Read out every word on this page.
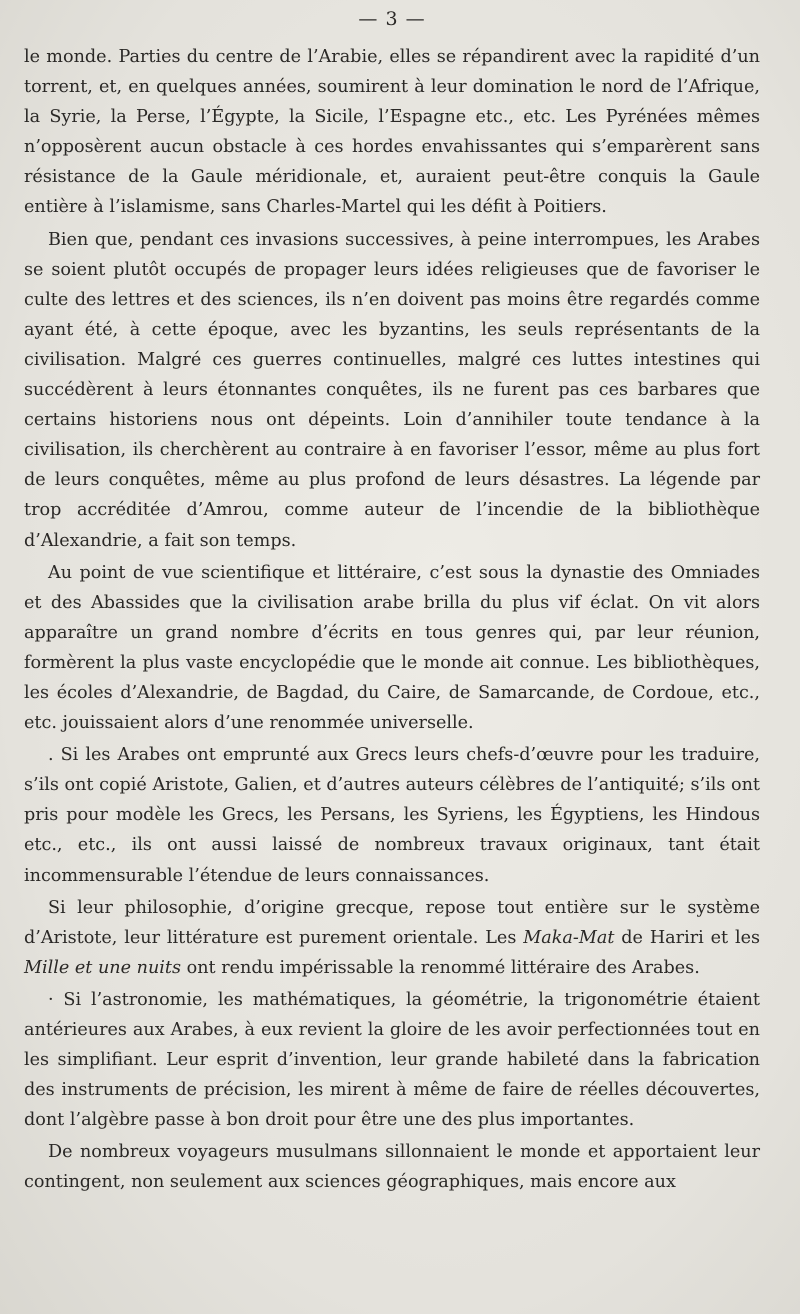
— 3 —

le monde. Parties du centre de l’Arabie, elles se répandirent avec la rapidité d’un torrent, et, en quelques années, soumirent à leur domination le nord de l’Afrique, la Syrie, la Perse, l’Égypte, la Sicile, l’Espagne etc., etc. Les Pyrénées mêmes n’opposèrent aucun obstacle à ces hordes envahissantes qui s’emparèrent sans résistance de la Gaule méridionale, et, auraient peut-être conquis la Gaule entière à l’islamisme, sans Charles-Martel qui les défit à Poitiers.

Bien que, pendant ces invasions successives, à peine interrompues, les Arabes se soient plutôt occupés de propager leurs idées religieuses que de favoriser le culte des lettres et des sciences, ils n’en doivent pas moins être regardés comme ayant été, à cette époque, avec les byzantins, les seuls représentants de la civilisation. Malgré ces guerres continuelles, malgré ces luttes intestines qui succédèrent à leurs étonnantes conquêtes, ils ne furent pas ces barbares que certains historiens nous ont dépeints. Loin d’annihiler toute tendance à la civilisation, ils cherchèrent au contraire à en favoriser l’essor, même au plus fort de leurs conquêtes, même au plus profond de leurs désastres. La légende par trop accréditée d’Amrou, comme auteur de l’incendie de la bibliothèque d’Alexandrie, a fait son temps.

Au point de vue scientifique et littéraire, c’est sous la dynastie des Omniades et des Abassides que la civilisation arabe brilla du plus vif éclat. On vit alors apparaître un grand nombre d’écrits en tous genres qui, par leur réunion, formèrent la plus vaste encyclopédie que le monde ait connue. Les bibliothèques, les écoles d’Alexandrie, de Bagdad, du Caire, de Samarcande, de Cordoue, etc., etc. jouissaient alors d’une renommée universelle.

. Si les Arabes ont emprunté aux Grecs leurs chefs-d’œuvre pour les traduire, s’ils ont copié Aristote, Galien, et d’autres auteurs célèbres de l’antiquité; s’ils ont pris pour modèle les Grecs, les Persans, les Syriens, les Égyptiens, les Hindous etc., etc., ils ont aussi laissé de nombreux travaux originaux, tant était incommensurable l’étendue de leurs connaissances.

Si leur philosophie, d’origine grecque, repose tout entière sur le système d’Aristote, leur littérature est purement orientale. Les Maka-Mat de Hariri et les Mille et une nuits ont rendu impérissable la renommé littéraire des Arabes.

· Si l’astronomie, les mathématiques, la géométrie, la trigonométrie étaient antérieures aux Arabes, à eux revient la gloire de les avoir perfectionnées tout en les simplifiant. Leur esprit d’invention, leur grande habileté dans la fabrication des instruments de précision, les mirent à même de faire de réelles découvertes, dont l’algèbre passe à bon droit pour être une des plus importantes.

De nombreux voyageurs musulmans sillonnaient le monde et apportaient leur contingent, non seulement aux sciences géographiques, mais encore aux
